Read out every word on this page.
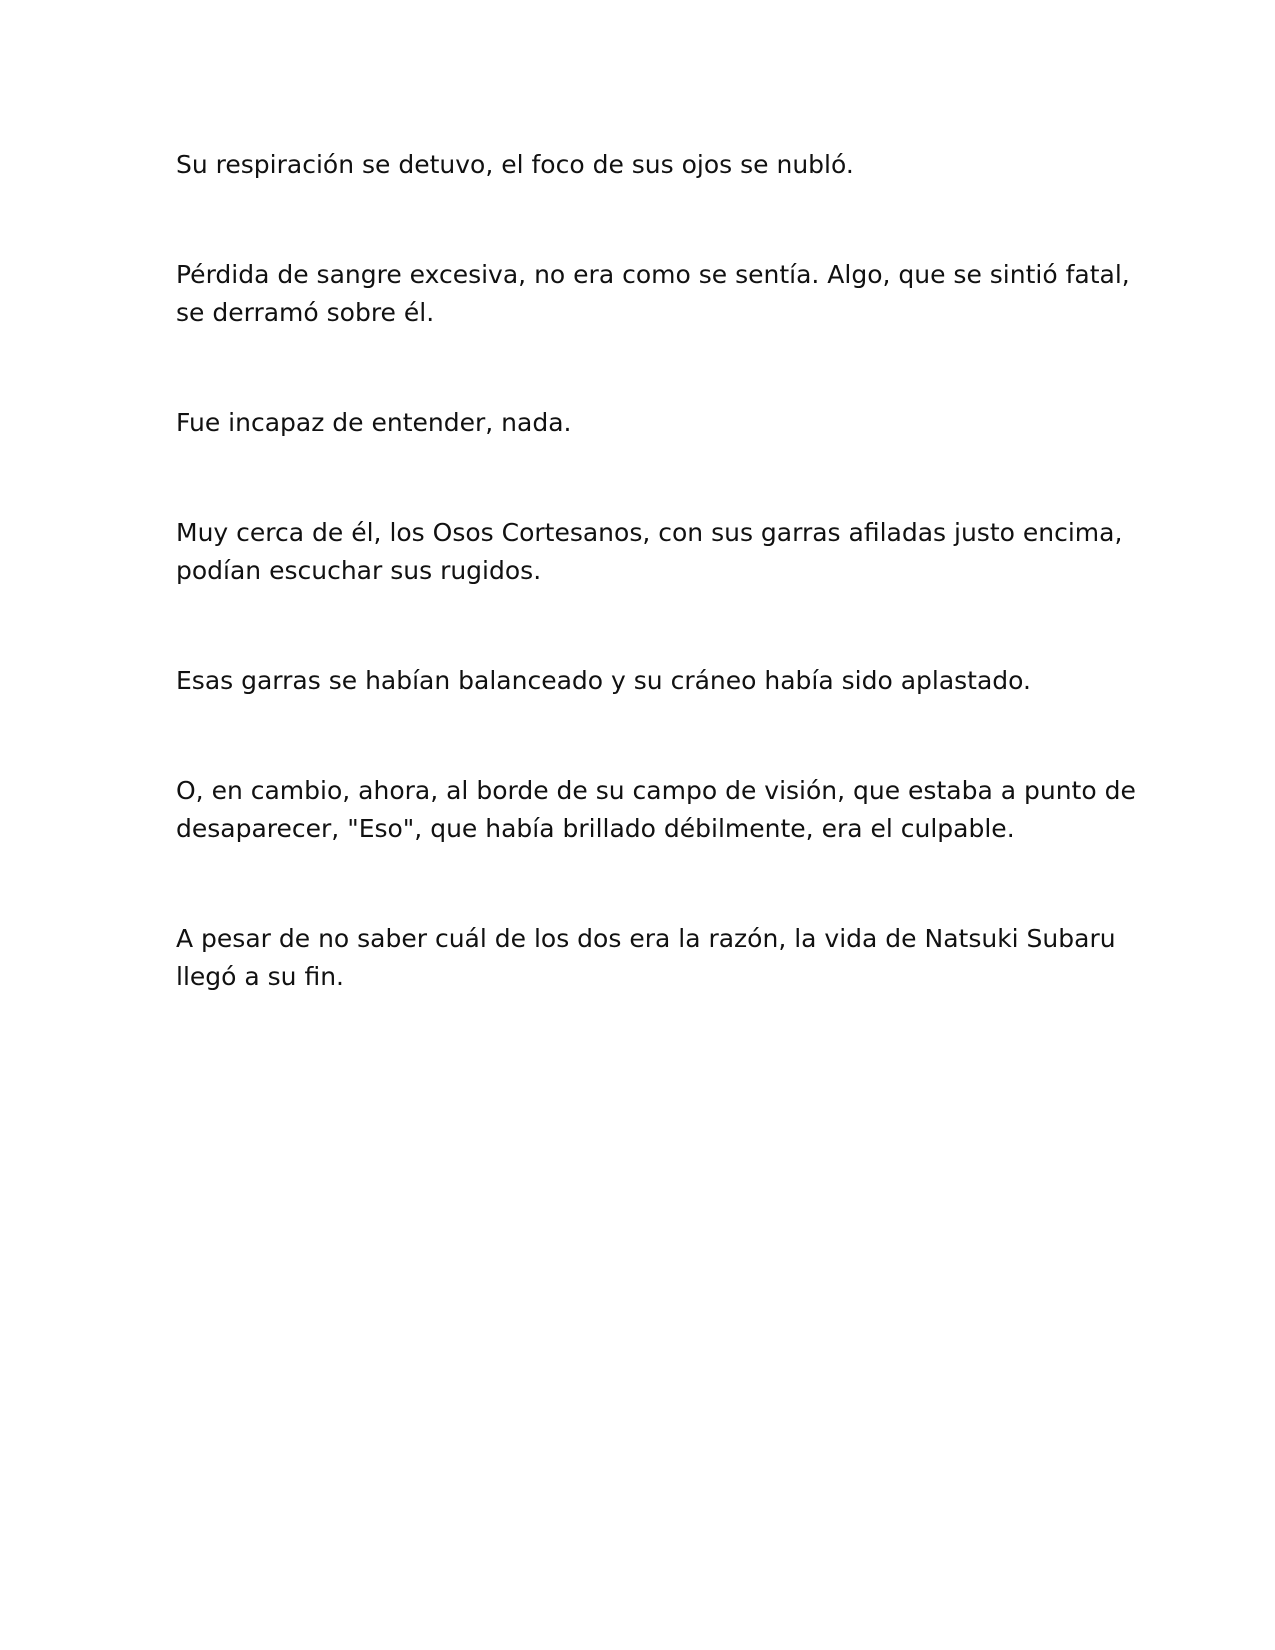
Su respiración se detuvo, el foco de sus ojos se nubló.

Pérdida de sangre excesiva, no era como se sentía. Algo, que se sintió fatal,
se derramó sobre él.

Fue incapaz de entender, nada.

Muy cerca de él, los Osos Cortesanos, con sus garras afiladas justo encima,
podían escuchar sus rugidos.

Esas garras se habían balanceado y su cráneo había sido aplastado.

O, en cambio, ahora, al borde de su campo de visión, que estaba a punto de
desaparecer, "Eso", que había brillado débilmente, era el culpable.

A pesar de no saber cuál de los dos era la razón, la vida de Natsuki Subaru
llegó a su fin.
